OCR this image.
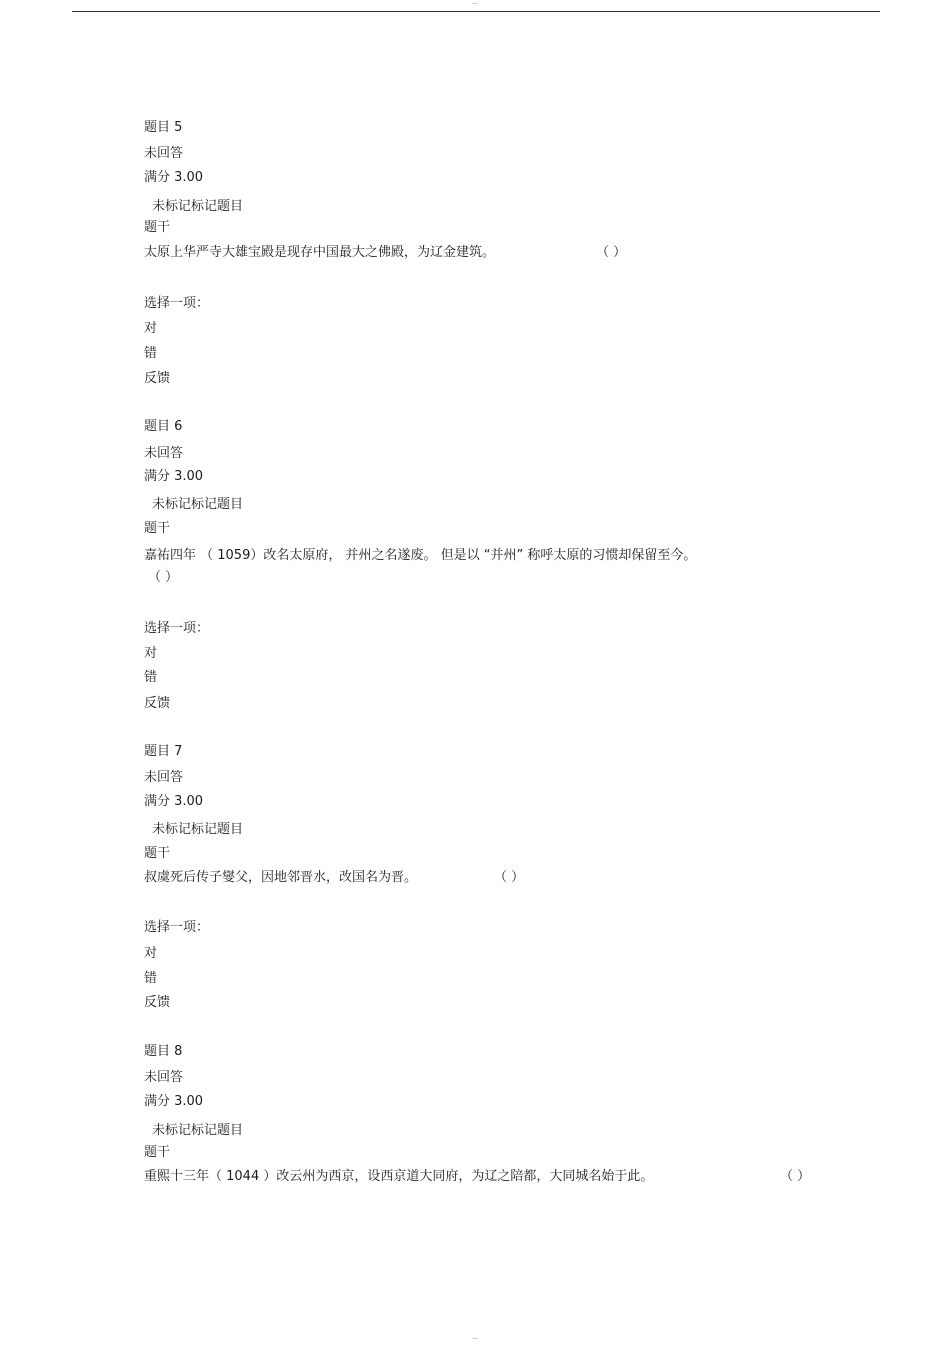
—
题目 5
未回答
满分 3.00
未标记标记题目
题干
太原上华严寺大雄宝殿是现存中国最大之佛殿，为辽金建筑。	（ ）
选择一项：
对
错
反馈
题目 6
未回答
满分 3.00
未标记标记题目
题干
嘉祐四年 （ 1059）改名太原府， 并州之名遂废。 但是以 “并州” 称呼太原的习惯却保留至今。
（ ）
选择一项：
对
错
反馈
题目 7
未回答
满分 3.00
未标记标记题目
题干
叔虞死后传子燮父，因地邻晋水，改国名为晋。	（ ）
选择一项：
对
错
反馈
题目 8
未回答
满分 3.00
未标记标记题目
题干
重熙十三年（ 1044 ）改云州为西京，设西京道大同府，为辽之陪都，大同城名始于此。	（ ）
—
